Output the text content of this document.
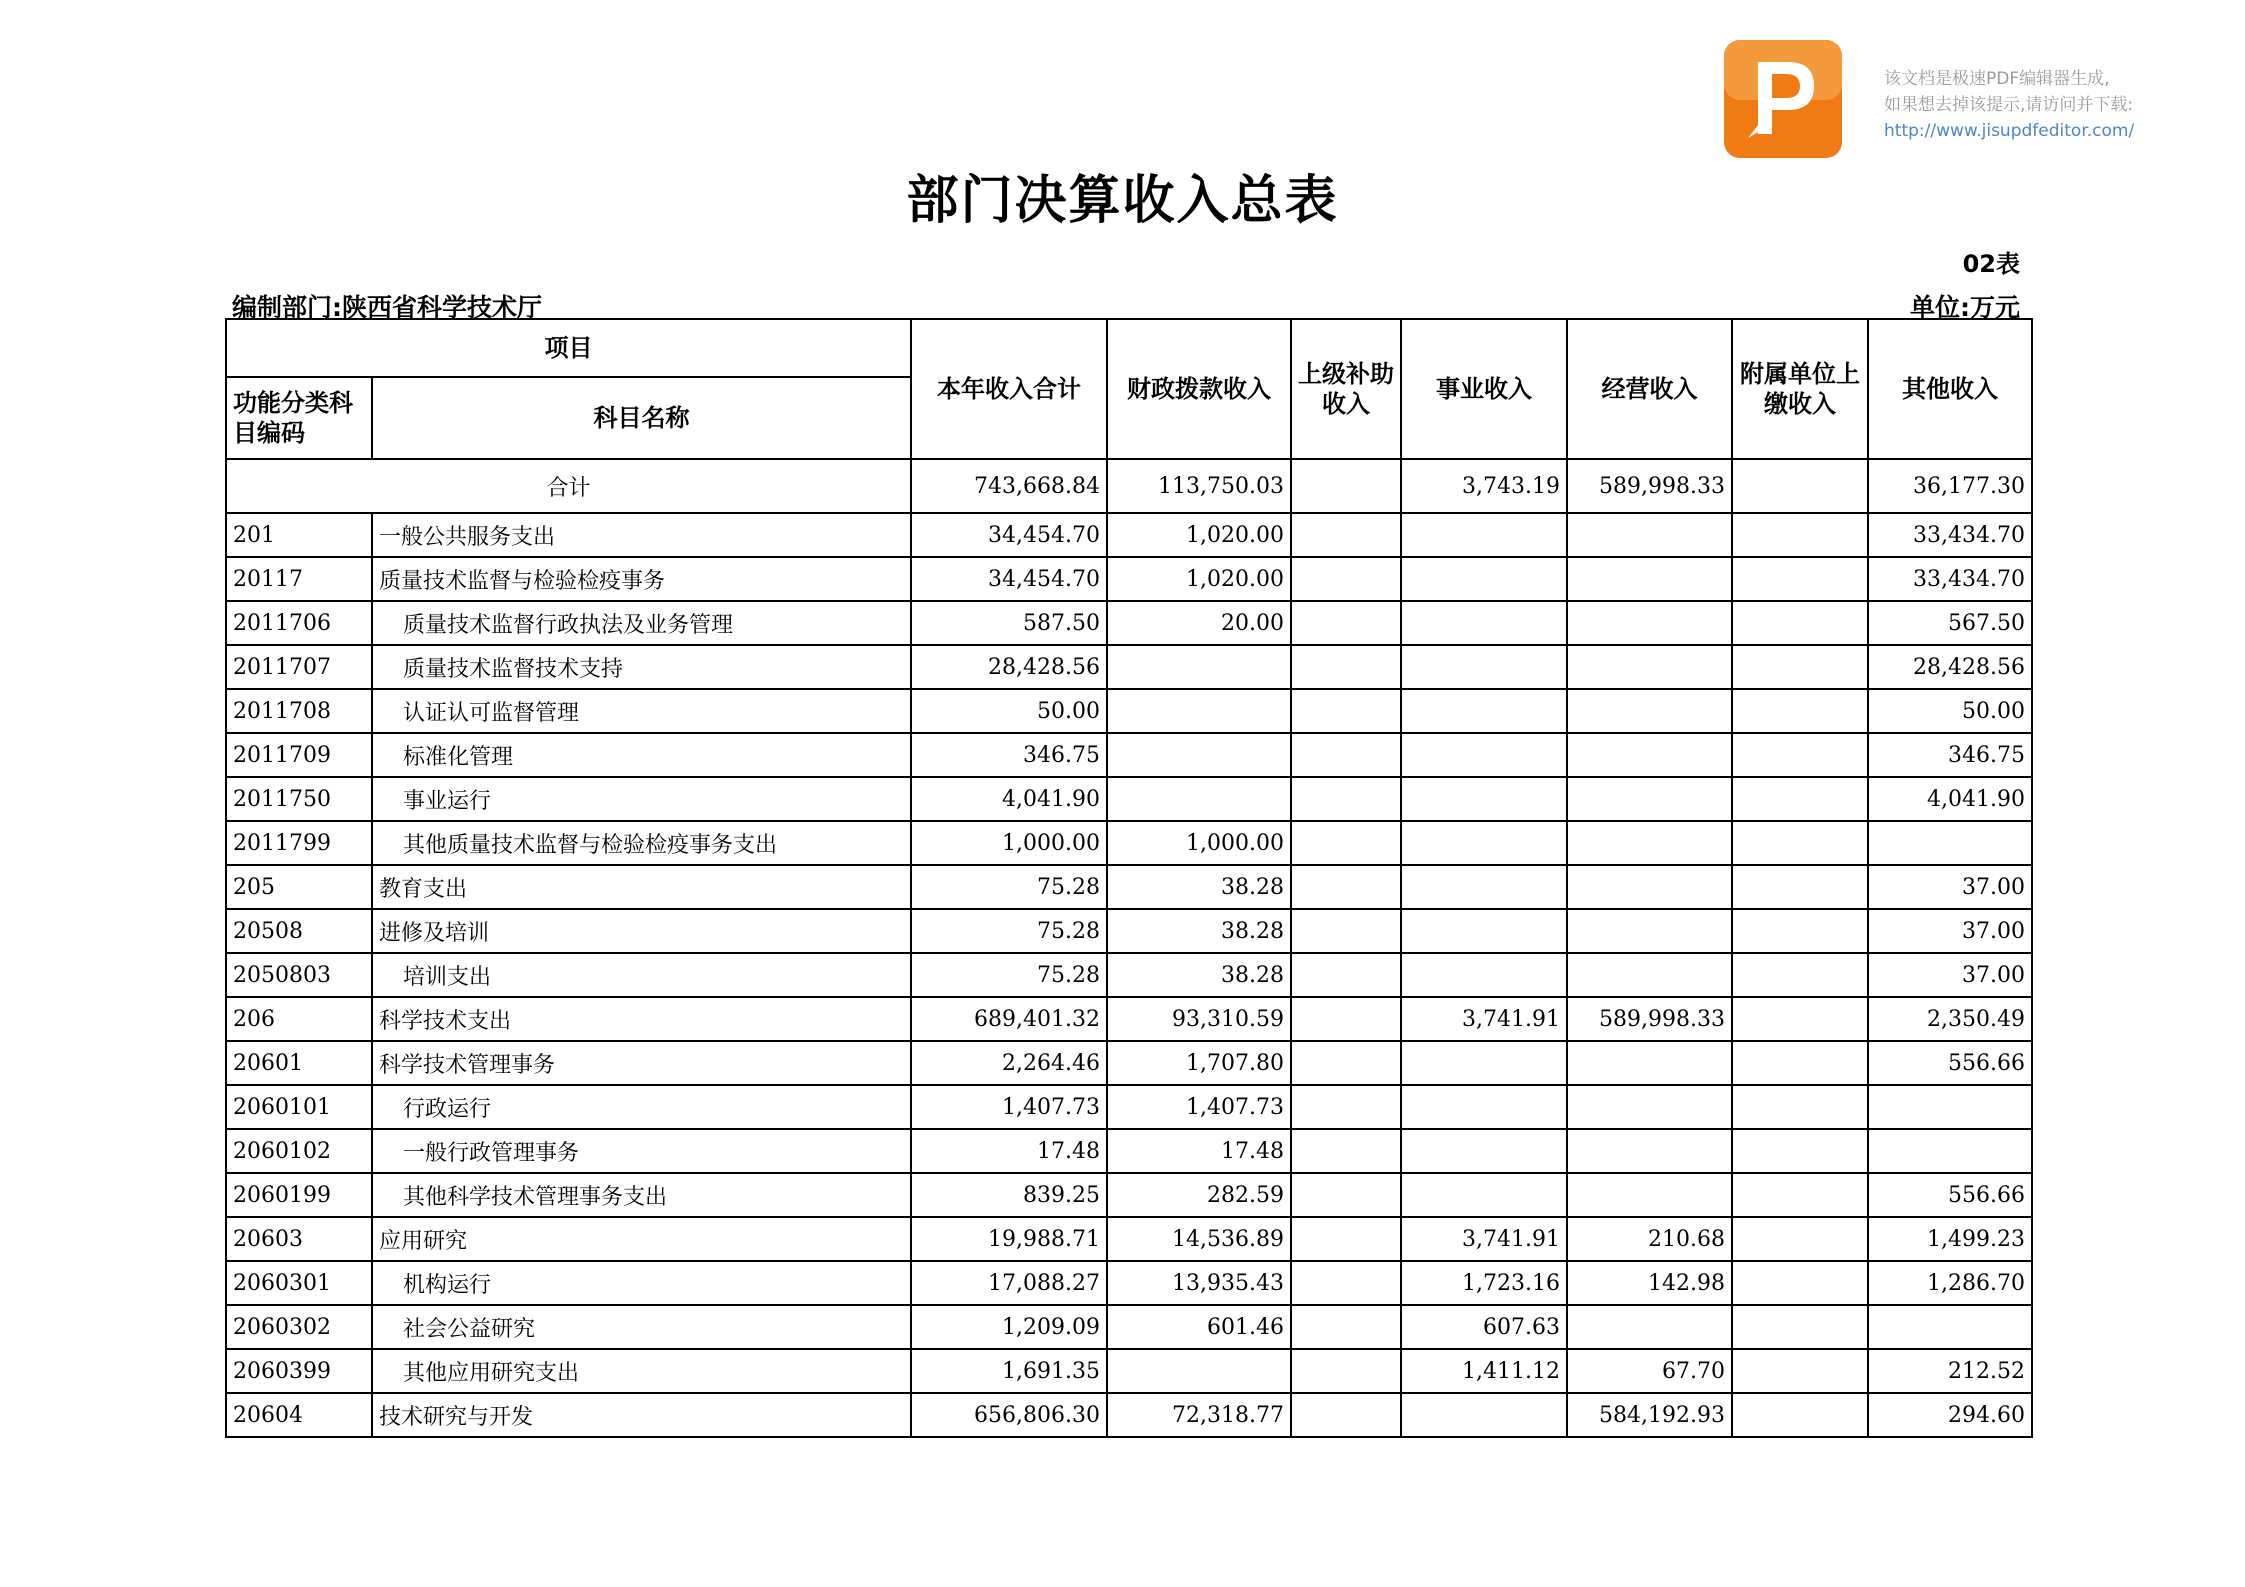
该文档是极速PDF编辑器生成,
如果想去掉该提示,请访问并下载:
http://www.jisupdfeditor.com/
部门决算收入总表
02表
编制部门:陕西省科学技术厅	单位:万元
项目		本年收入合计	财政拨款收入	上级补助收入	事业收入	经营收入	附属单位上缴收入	其他收入
功能分类科目编码	科目名称							
合计		743,668.84	113,750.03		3,743.19	589,998.33		36,177.30
201	一般公共服务支出	34,454.70	1,020.00					33,434.70
20117	质量技术监督与检验检疫事务	34,454.70	1,020.00					33,434.70
2011706	质量技术监督行政执法及业务管理	587.50	20.00					567.50
2011707	质量技术监督技术支持	28,428.56						28,428.56
2011708	认证认可监督管理	50.00						50.00
2011709	标准化管理	346.75						346.75
2011750	事业运行	4,041.90						4,041.90
2011799	其他质量技术监督与检验检疫事务支出	1,000.00	1,000.00					
205	教育支出	75.28	38.28					37.00
20508	进修及培训	75.28	38.28					37.00
2050803	培训支出	75.28	38.28					37.00
206	科学技术支出	689,401.32	93,310.59		3,741.91	589,998.33		2,350.49
20601	科学技术管理事务	2,264.46	1,707.80					556.66
2060101	行政运行	1,407.73	1,407.73					
2060102	一般行政管理事务	17.48	17.48					
2060199	其他科学技术管理事务支出	839.25	282.59					556.66
20603	应用研究	19,988.71	14,536.89		3,741.91	210.68		1,499.23
2060301	机构运行	17,088.27	13,935.43		1,723.16	142.98		1,286.70
2060302	社会公益研究	1,209.09	601.46		607.63			
2060399	其他应用研究支出	1,691.35			1,411.12	67.70		212.52
20604	技术研究与开发	656,806.30	72,318.77			584,192.93		294.60
